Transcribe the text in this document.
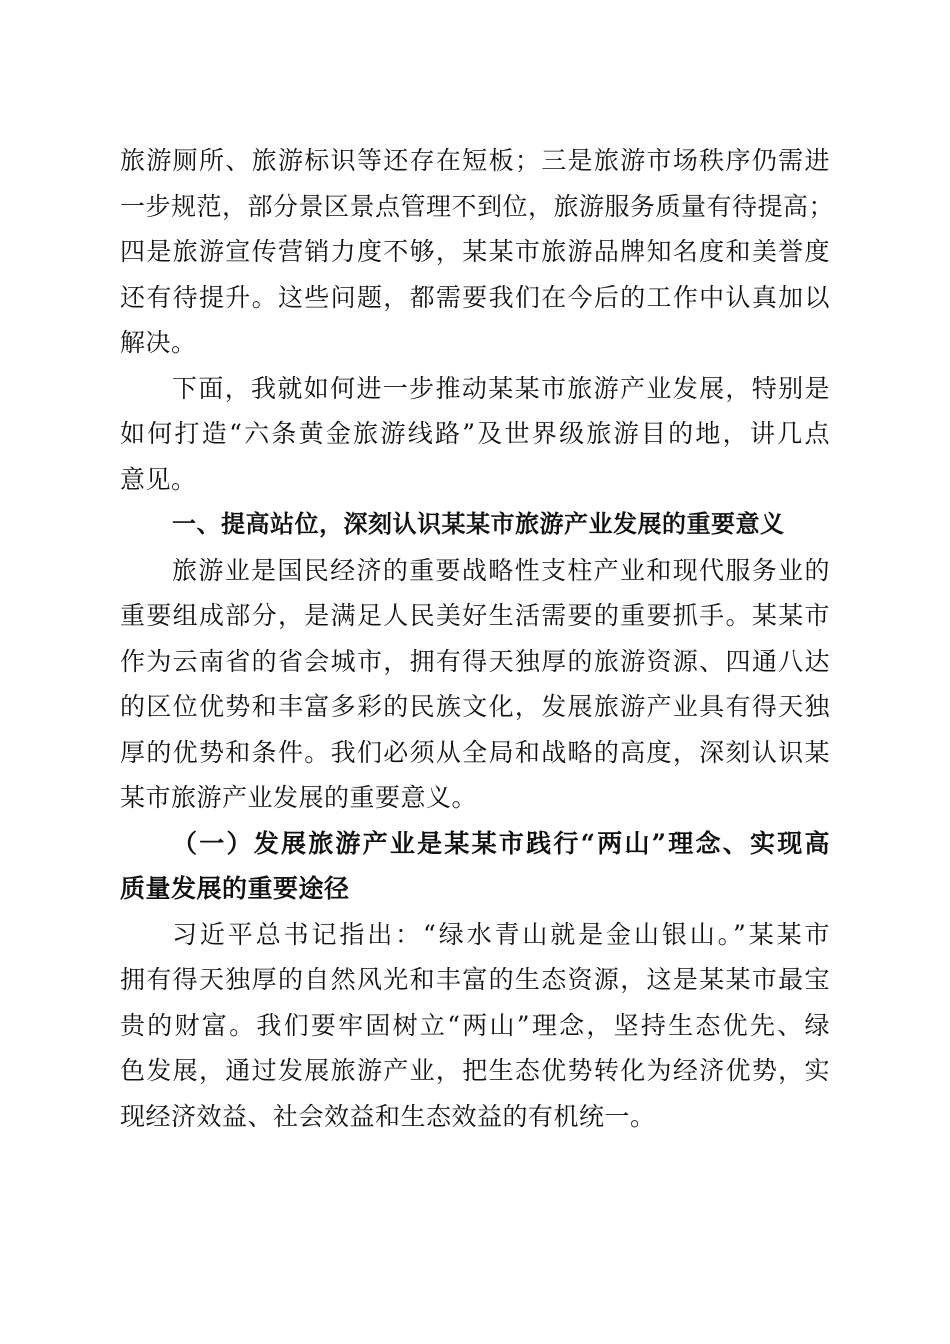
旅游厕所、旅游标识等还存在短板；三是旅游市场秩序仍需进
一步规范，部分景区景点管理不到位，旅游服务质量有待提高；
四是旅游宣传营销力度不够，某某市旅游品牌知名度和美誉度
还有待提升。这些问题，都需要我们在今后的工作中认真加以
解决。
下面，我就如何进一步推动某某市旅游产业发展，特别是
如何打造“六条黄金旅游线路”及世界级旅游目的地，讲几点
意见。
一、提高站位，深刻认识某某市旅游产业发展的重要意义
旅游业是国民经济的重要战略性支柱产业和现代服务业的
重要组成部分，是满足人民美好生活需要的重要抓手。某某市
作为云南省的省会城市，拥有得天独厚的旅游资源、四通八达
的区位优势和丰富多彩的民族文化，发展旅游产业具有得天独
厚的优势和条件。我们必须从全局和战略的高度，深刻认识某
某市旅游产业发展的重要意义。
（一）发展旅游产业是某某市践行“两山”理念、实现高
质量发展的重要途径
习近平总书记指出：“绿水青山就是金山银山。”某某市
拥有得天独厚的自然风光和丰富的生态资源，这是某某市最宝
贵的财富。我们要牢固树立“两山”理念，坚持生态优先、绿
色发展，通过发展旅游产业，把生态优势转化为经济优势，实
现经济效益、社会效益和生态效益的有机统一。
